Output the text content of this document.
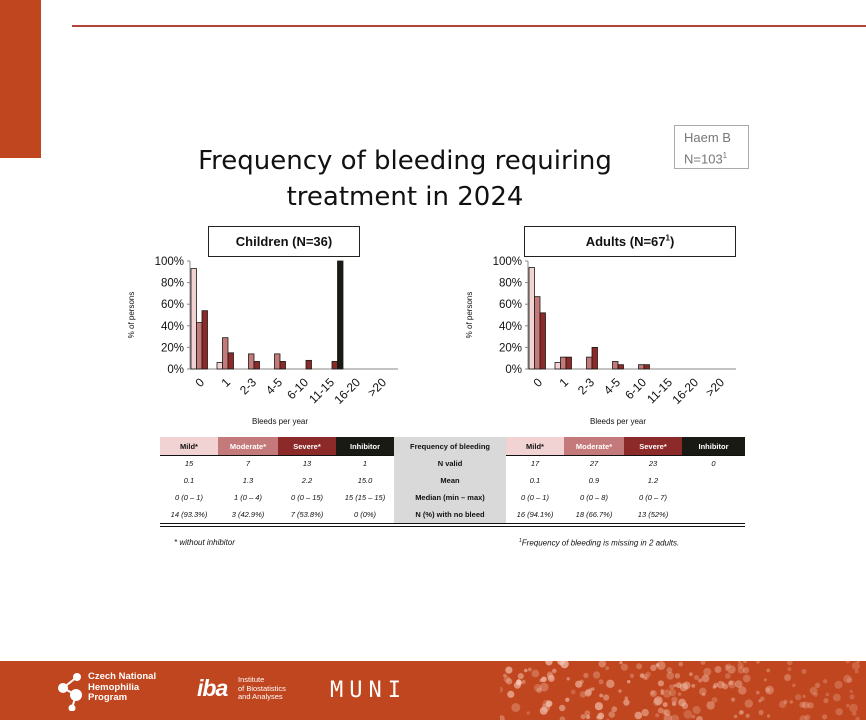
Haem B
$N=103^1$
Frequency of bleeding requiring
treatment in 2024
Children (N=36)	Adults $(N=67^1)$
0%
20%
40%
60%
80%
100%
0 1 2-3 4-5 6-10
11-15
16-20 >20
Bleeds per year
% of persons
0%
20%
40%
60%
80%
100%
0 1 2-3 4-5 6-10
11-15
16-20 >20
Bleeds per year
% of persons
Mild*	Moderate*	Severe*	Inhibitor	Frequency of bleeding	Mild*	Moderate*	Severe*	Inhibitor
15	7	13	1	N valid	17	27	23	0
0.1	1.3	2.2	15.0	Mean	0.1	0.9	1.2	
0 (0 – 1)	1 (0 – 4)	0 (0 – 15)	15 (15 – 15)	Median (min – max)	0 (0 – 1)	0 (0 – 8)	0 (0 – 7)	
14 (93.3%)	3 (42.9%)	7 (53.8%)	0 (0%)	N (%) with no bleed	16 (94.1%)	18 (66.7%)	13 (52%)	
* without inhibitor	$^1$Frequency of bleeding is missing in 2 adults.
Czech National
Hemophilia
Program	iba Institute
of Biostatistics
and Analyses MUNI
